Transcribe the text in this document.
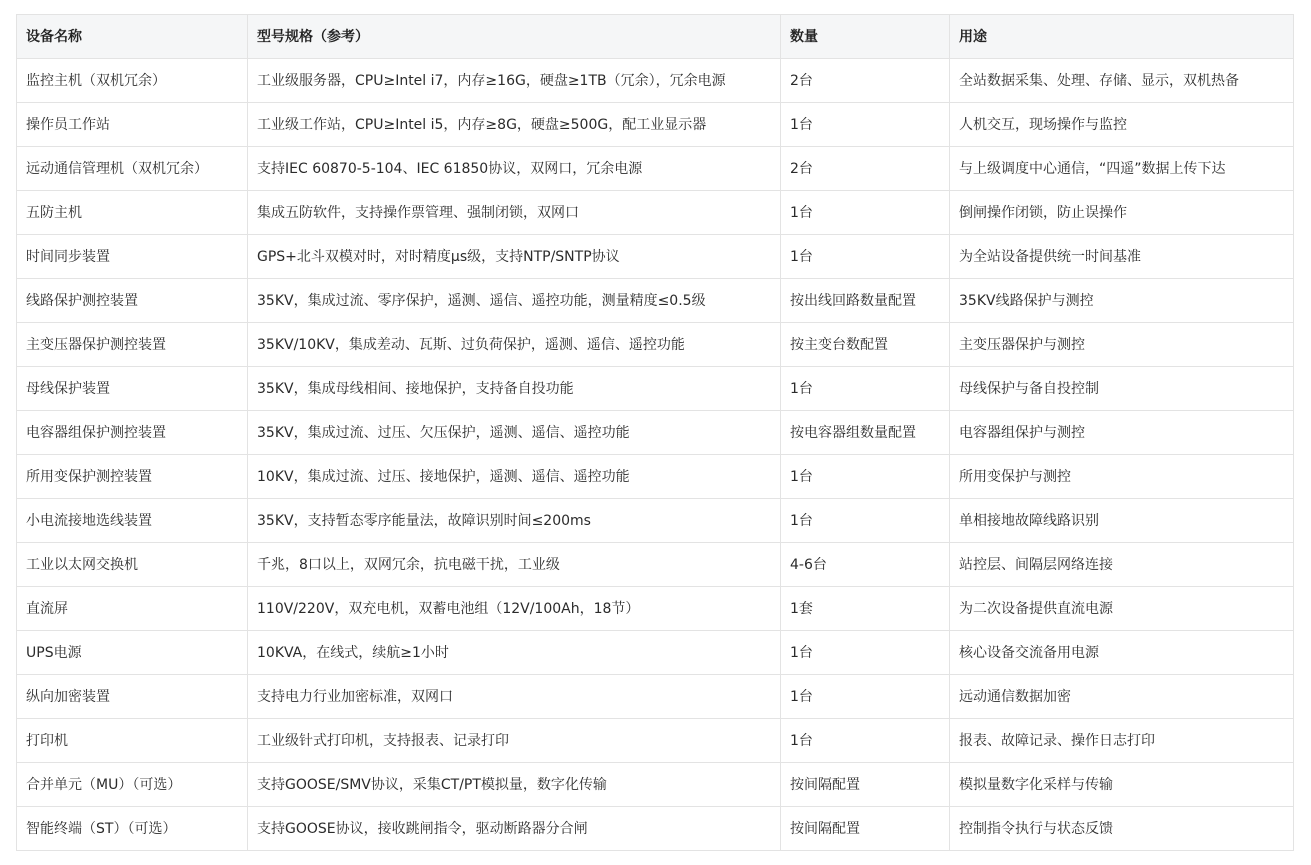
设备名称	型号规格（参考）	数量	用途
监控主机（双机冗余）	工业级服务器，CPU≥Intel i7，内存≥16G，硬盘≥1TB（冗余），冗余电源	2台	全站数据采集、处理、存储、显示，双机热备
操作员工作站	工业级工作站，CPU≥Intel i5，内存≥8G，硬盘≥500G，配工业显示器	1台	人机交互，现场操作与监控
远动通信管理机（双机冗余）	支持IEC 60870-5-104、IEC 61850协议，双网口，冗余电源	2台	与上级调度中心通信，“四遥”数据上传下达
五防主机	集成五防软件，支持操作票管理、强制闭锁，双网口	1台	倒闸操作闭锁，防止误操作
时间同步装置	GPS+北斗双模对时，对时精度μs级，支持NTP/SNTP协议	1台	为全站设备提供统一时间基准
线路保护测控装置	35KV，集成过流、零序保护，遥测、遥信、遥控功能，测量精度≤0.5级	按出线回路数量配置	35KV线路保护与测控
主变压器保护测控装置	35KV/10KV，集成差动、瓦斯、过负荷保护，遥测、遥信、遥控功能	按主变台数配置	主变压器保护与测控
母线保护装置	35KV，集成母线相间、接地保护，支持备自投功能	1台	母线保护与备自投控制
电容器组保护测控装置	35KV，集成过流、过压、欠压保护，遥测、遥信、遥控功能	按电容器组数量配置	电容器组保护与测控
所用变保护测控装置	10KV，集成过流、过压、接地保护，遥测、遥信、遥控功能	1台	所用变保护与测控
小电流接地选线装置	35KV，支持暂态零序能量法，故障识别时间≤200ms	1台	单相接地故障线路识别
工业以太网交换机	千兆，8口以上，双网冗余，抗电磁干扰，工业级	4-6台	站控层、间隔层网络连接
直流屏	110V/220V，双充电机，双蓄电池组（12V/100Ah，18节）	1套	为二次设备提供直流电源
UPS电源	10KVA，在线式，续航≥1小时	1台	核心设备交流备用电源
纵向加密装置	支持电力行业加密标准，双网口	1台	远动通信数据加密
打印机	工业级针式打印机，支持报表、记录打印	1台	报表、故障记录、操作日志打印
合并单元（MU）（可选）	支持GOOSE/SMV协议，采集CT/PT模拟量，数字化传输	按间隔配置	模拟量数字化采样与传输
智能终端（ST）（可选）	支持GOOSE协议，接收跳闸指令，驱动断路器分合闸	按间隔配置	控制指令执行与状态反馈
